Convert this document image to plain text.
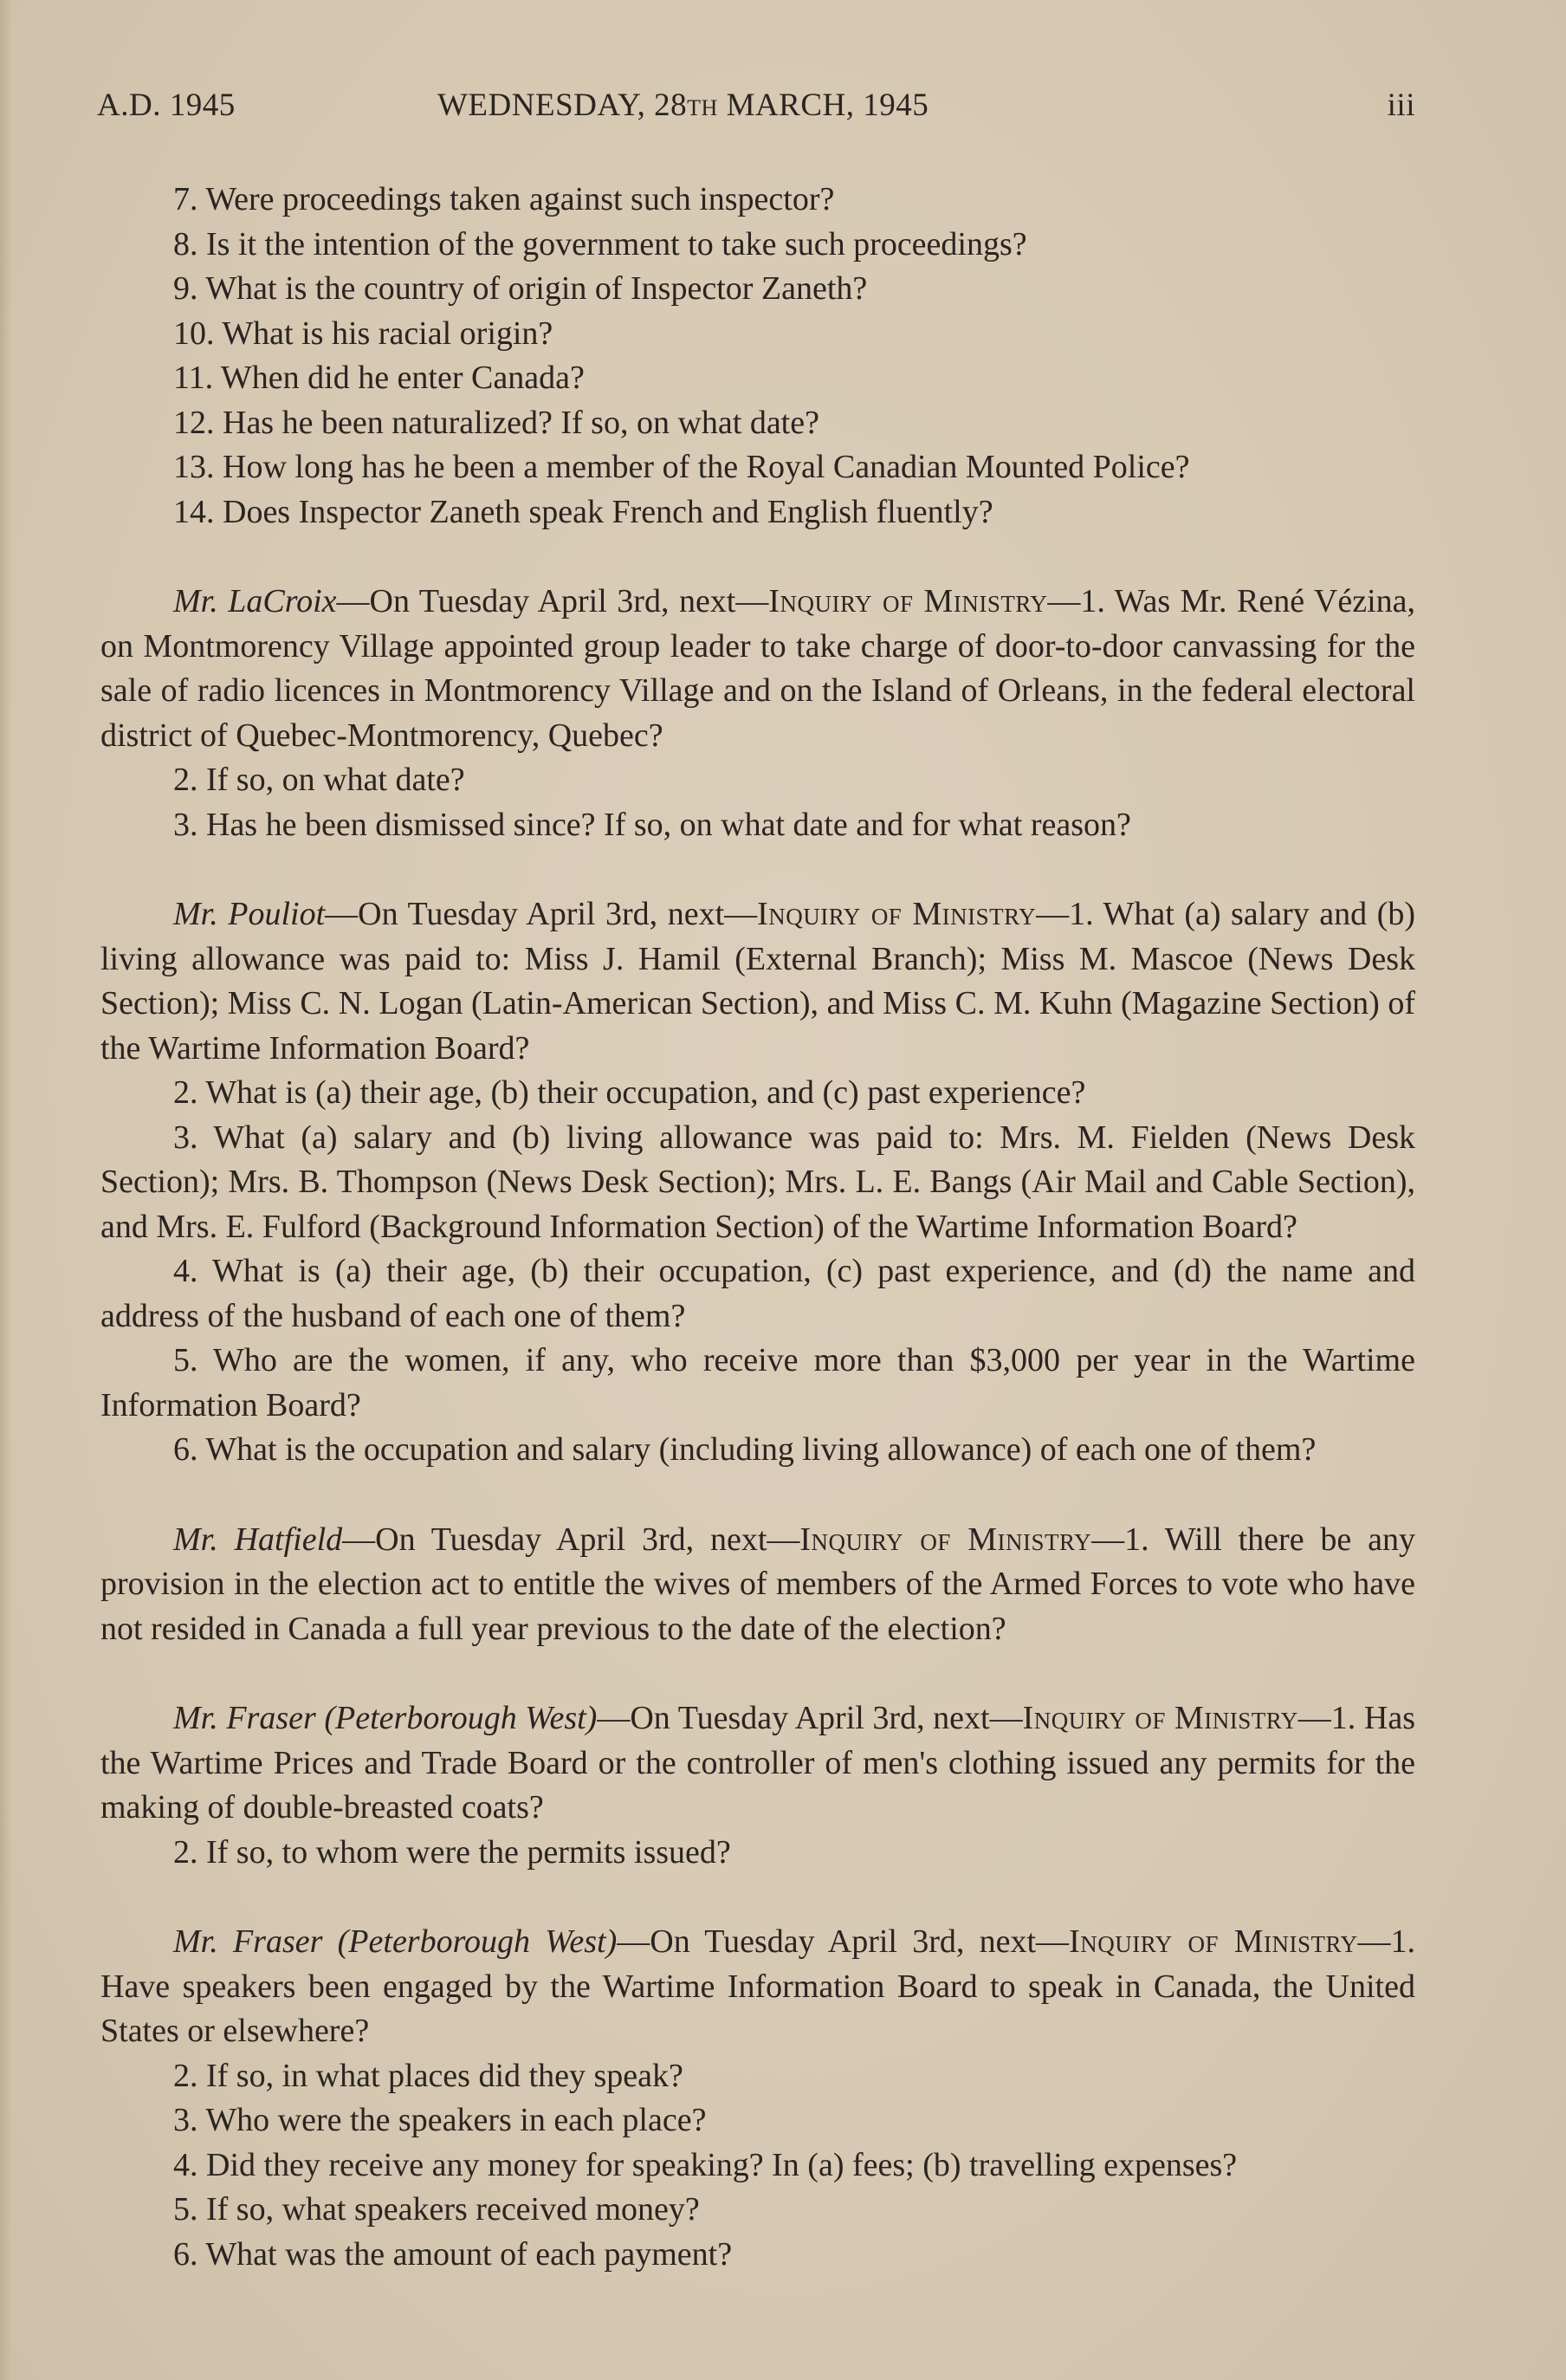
A.D. 1945	WEDNESDAY, 28TH MARCH, 1945	iii

7. Were proceedings taken against such inspector?

8. Is it the intention of the government to take such proceedings?

9. What is the country of origin of Inspector Zaneth?

10. What is his racial origin?

11. When did he enter Canada?

12. Has he been naturalized? If so, on what date?

13. How long has he been a member of the Royal Canadian Mounted Police?

14. Does Inspector Zaneth speak French and English fluently?

Mr. LaCroix—On Tuesday April 3rd, next—Inquiry of Ministry—1. Was Mr. René Vézina, on Montmorency Village appointed group leader to take charge of door-to-door canvassing for the sale of radio licences in Montmorency Village and on the Island of Orleans, in the federal electoral district of Quebec-Montmorency, Quebec?

2. If so, on what date?

3. Has he been dismissed since? If so, on what date and for what reason?

Mr. Pouliot—On Tuesday April 3rd, next—Inquiry of Ministry—1. What (a) salary and (b) living allowance was paid to: Miss J. Hamil (External Branch); Miss M. Mascoe (News Desk Section); Miss C. N. Logan (Latin-American Section), and Miss C. M. Kuhn (Magazine Section) of the Wartime Information Board?

2. What is (a) their age, (b) their occupation, and (c) past experience?

3. What (a) salary and (b) living allowance was paid to: Mrs. M. Fielden (News Desk Section); Mrs. B. Thompson (News Desk Section); Mrs. L. E. Bangs (Air Mail and Cable Section), and Mrs. E. Fulford (Background Information Section) of the Wartime Information Board?

4. What is (a) their age, (b) their occupation, (c) past experience, and (d) the name and address of the husband of each one of them?

5. Who are the women, if any, who receive more than $3,000 per year in the Wartime Information Board?

6. What is the occupation and salary (including living allowance) of each one of them?

Mr. Hatfield—On Tuesday April 3rd, next—Inquiry of Ministry—1. Will there be any provision in the election act to entitle the wives of members of the Armed Forces to vote who have not resided in Canada a full year previous to the date of the election?

Mr. Fraser (Peterborough West)—On Tuesday April 3rd, next—Inquiry of Ministry—1. Has the Wartime Prices and Trade Board or the controller of men's clothing issued any permits for the making of double-breasted coats?

2. If so, to whom were the permits issued?

Mr. Fraser (Peterborough West)—On Tuesday April 3rd, next—Inquiry of Ministry—1. Have speakers been engaged by the Wartime Information Board to speak in Canada, the United States or elsewhere?

2. If so, in what places did they speak?

3. Who were the speakers in each place?

4. Did they receive any money for speaking? In (a) fees; (b) travelling expenses?

5. If so, what speakers received money?

6. What was the amount of each payment?
